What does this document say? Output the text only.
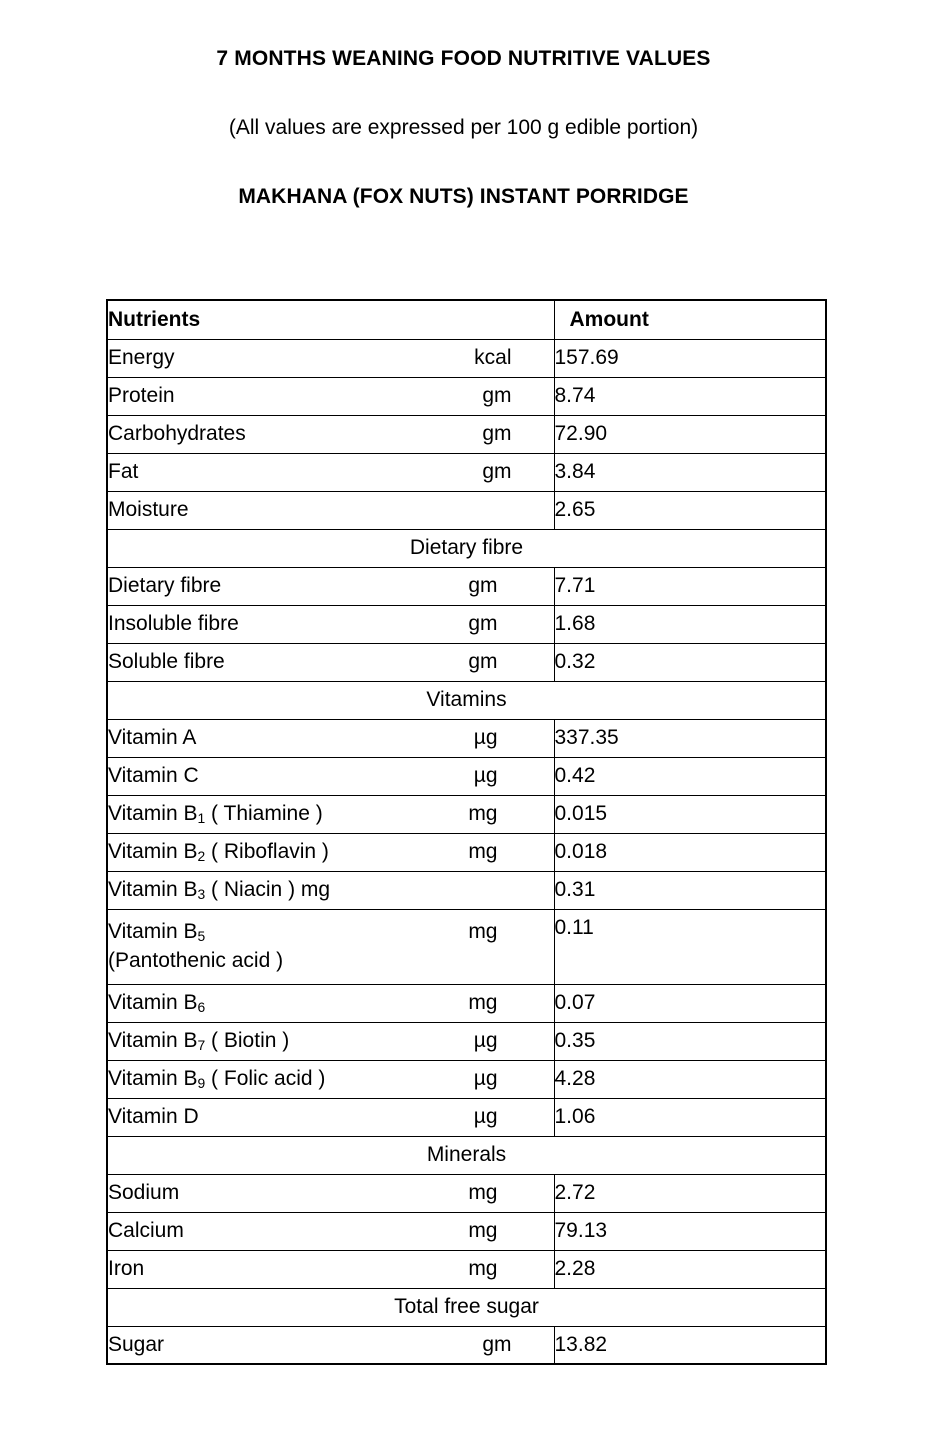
7 MONTHS WEANING FOOD NUTRITIVE VALUES

(All values are expressed per 100 g edible portion)

MAKHANA (FOX NUTS) INSTANT PORRIDGE
Nutrients	Amount

Energy kcal	157.69

Protein gm	8.74

Carbohydrates gm	72.90

Fat gm	3.84

Moisture	2.65
Dietary fibre	

Dietary fibre gm	7.71

Insoluble fibre gm	1.68

Soluble fibre gm	0.32
Vitamins	

Vitamin A µg	337.35

Vitamin C µg	0.42

Vitamin $B_1$ ( Thiamine ) mg	0.015

Vitamin $B_2$ ( Riboflavin ) mg	0.018

Vitamin $B_3$ ( Niacin ) mg	0.31

Vitamin $B_5$ mg
(Pantothenic acid )	0.11

Vitamin $B_6$ mg	0.07

Vitamin $B_7$ ( Biotin ) µg	0.35

Vitamin $B_9$ ( Folic acid ) µg	4.28

Vitamin D µg	1.06
Minerals	

Sodium mg	2.72

Calcium mg	79.13

Iron mg	2.28
Total free sugar	

Sugar gm	13.82
